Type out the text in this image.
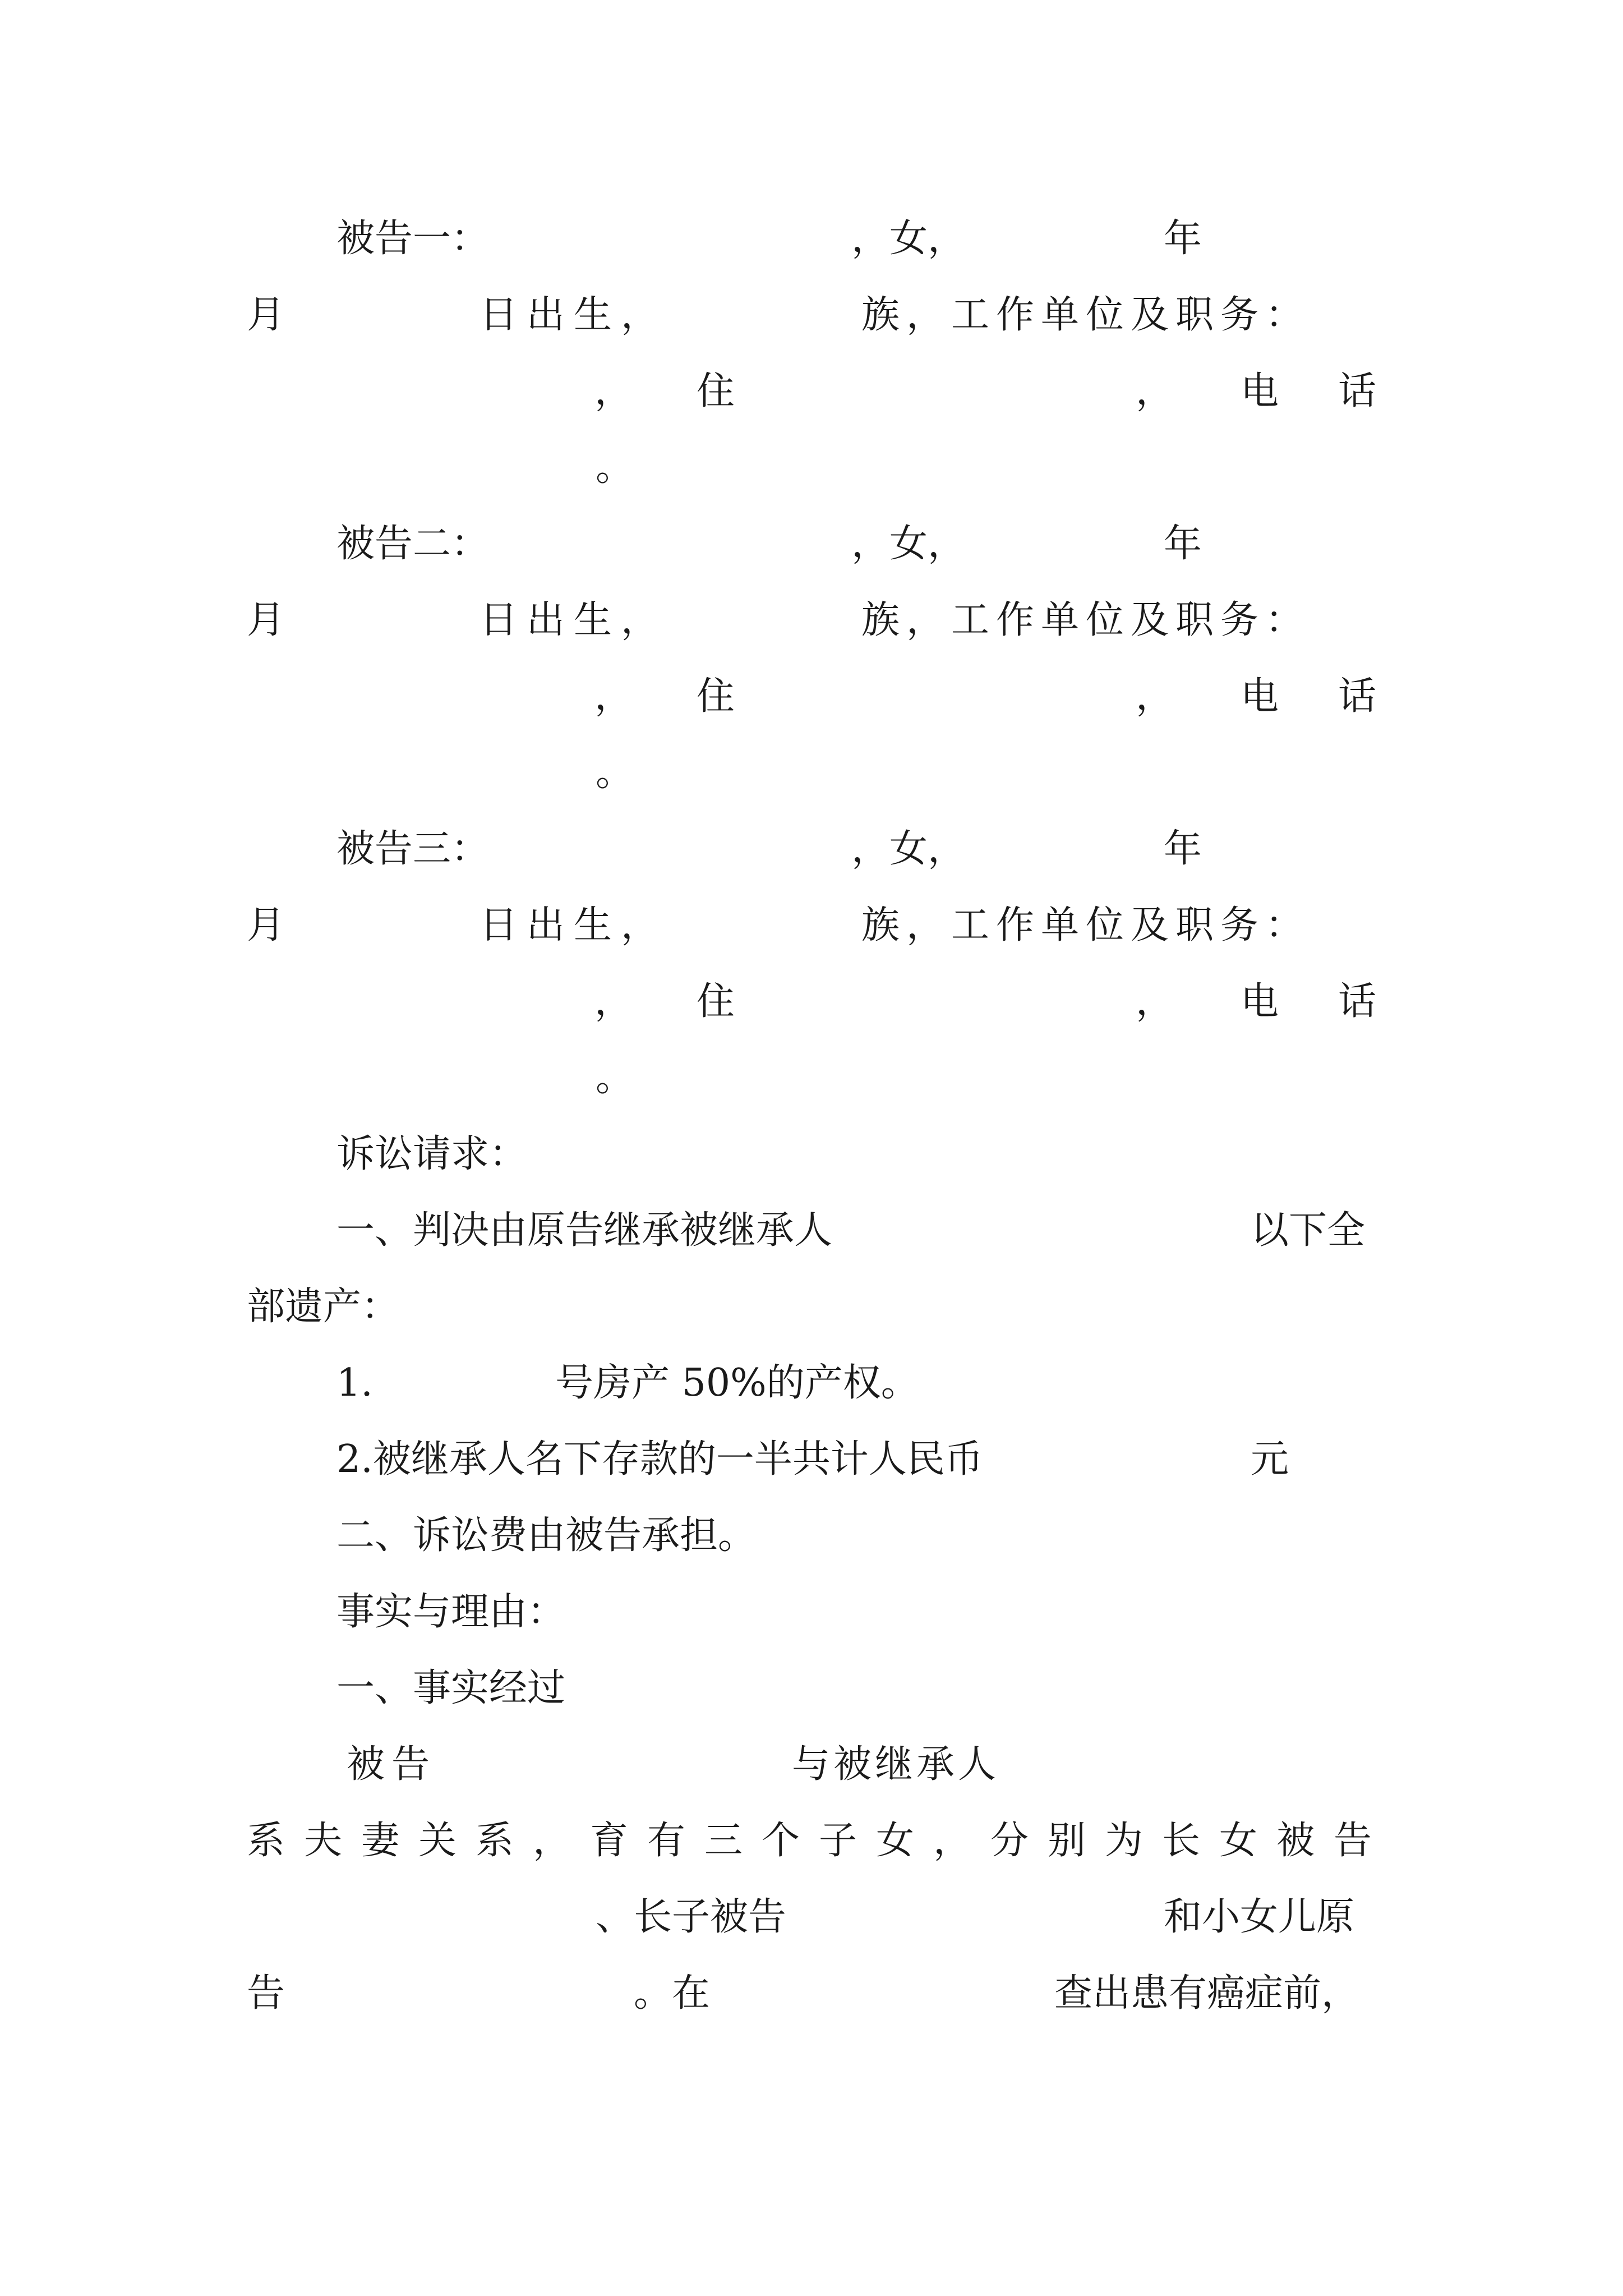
被告一：	，女，	年
月	日出生，	族，工作单位及职务：
， 住	， 电话
。
被告二：	，女，	年
月	日出生，	族，工作单位及职务：
， 住	， 电话
。
被告三：	，女，	年
月	日出生，	族，工作单位及职务：
， 住	， 电话
。
诉讼请求：
一、判决由原告继承被继承人	以下全
部遗产：
1.	号房产 50%的产权。
2.被继承人名下存款的一半共计人民币	元
二、诉讼费由被告承担。
事实与理由：
一、事实经过
被告	与被继承人
系夫妻关系，育有三个子女，分别为长女被告
、长子被告	和小女儿原
告	。在	查出患有癌症前，
